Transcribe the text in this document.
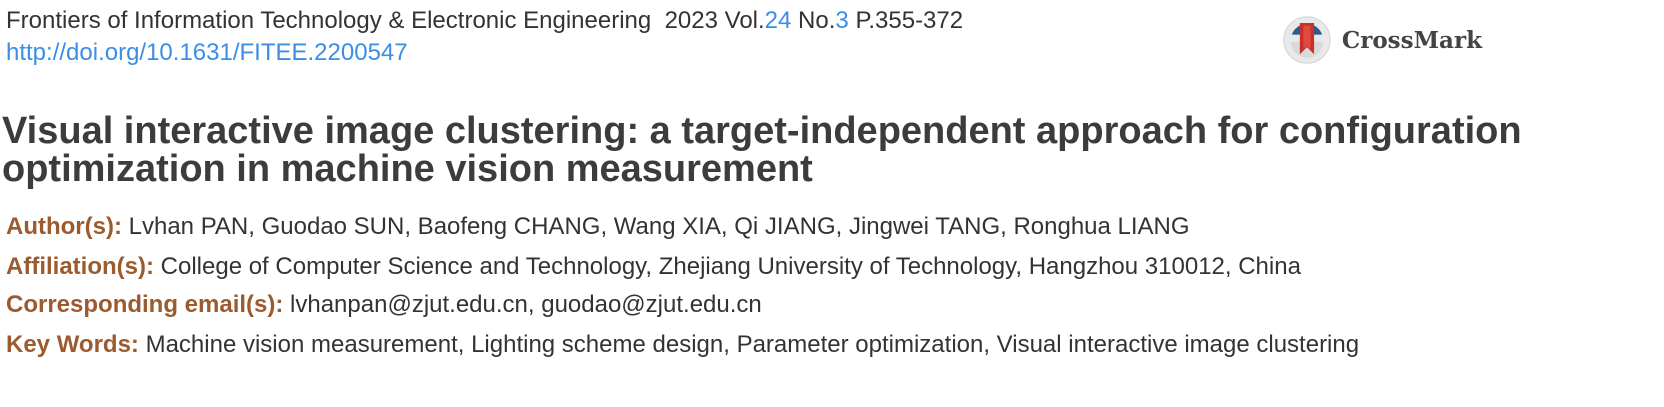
Frontiers of Information Technology & Electronic Engineering 2023 Vol.24 No.3 P.355-372
http://doi.org/10.1631/FITEE.2200547	CrossMark
Visual interactive image clustering: a target-independent approach for configuration optimization in machine vision measurement
Author(s): Lvhan PAN, Guodao SUN, Baofeng CHANG, Wang XIA, Qi JIANG, Jingwei TANG, Ronghua LIANG
Affiliation(s): College of Computer Science and Technology, Zhejiang University of Technology, Hangzhou 310012, China
Corresponding email(s): lvhanpan@zjut.edu.cn, guodao@zjut.edu.cn
Key Words: Machine vision measurement, Lighting scheme design, Parameter optimization, Visual interactive image clustering
